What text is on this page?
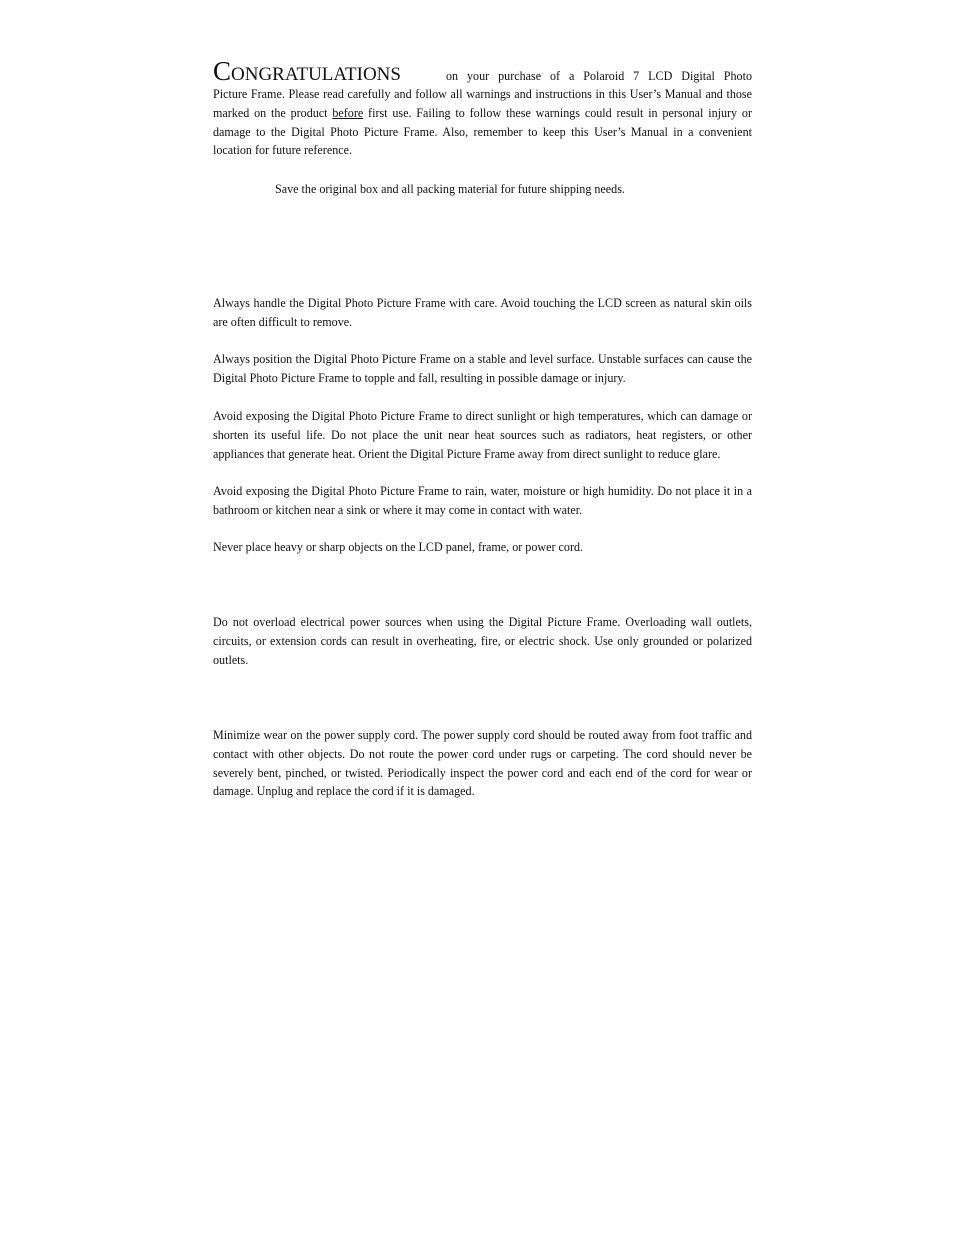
Congratulations	on your purchase of a Polaroid 7 LCD Digital Photo
Picture Frame. Please read carefully and follow all warnings and instructions in this User’s Manual and those marked on the product before first use. Failing to follow these warnings could result in personal injury or damage to the Digital Photo Picture Frame. Also, remember to keep this User’s Manual in a convenient location for future reference.
Save the original box and all packing material for future shipping needs.

Always handle the Digital Photo Picture Frame with care. Avoid touching the LCD screen as natural skin oils are often difficult to remove.

Always position the Digital Photo Picture Frame on a stable and level surface. Unstable surfaces can cause the Digital Photo Picture Frame to topple and fall, resulting in possible damage or injury.

Avoid exposing the Digital Photo Picture Frame to direct sunlight or high temperatures, which can damage or shorten its useful life. Do not place the unit near heat sources such as radiators, heat registers, or other appliances that generate heat. Orient the Digital Picture Frame away from direct sunlight to reduce glare.

Avoid exposing the Digital Photo Picture Frame to rain, water, moisture or high humidity. Do not place it in a bathroom or kitchen near a sink or where it may come in contact with water.

Never place heavy or sharp objects on the LCD panel, frame, or power cord.

Do not overload electrical power sources when using the Digital Picture Frame. Overloading wall outlets, circuits, or extension cords can result in overheating, fire, or electric shock. Use only grounded or polarized outlets.

Minimize wear on the power supply cord. The power supply cord should be routed away from foot traffic and contact with other objects. Do not route the power cord under rugs or carpeting. The cord should never be severely bent, pinched, or twisted. Periodically inspect the power cord and each end of the cord for wear or damage. Unplug and replace the cord if it is damaged.
